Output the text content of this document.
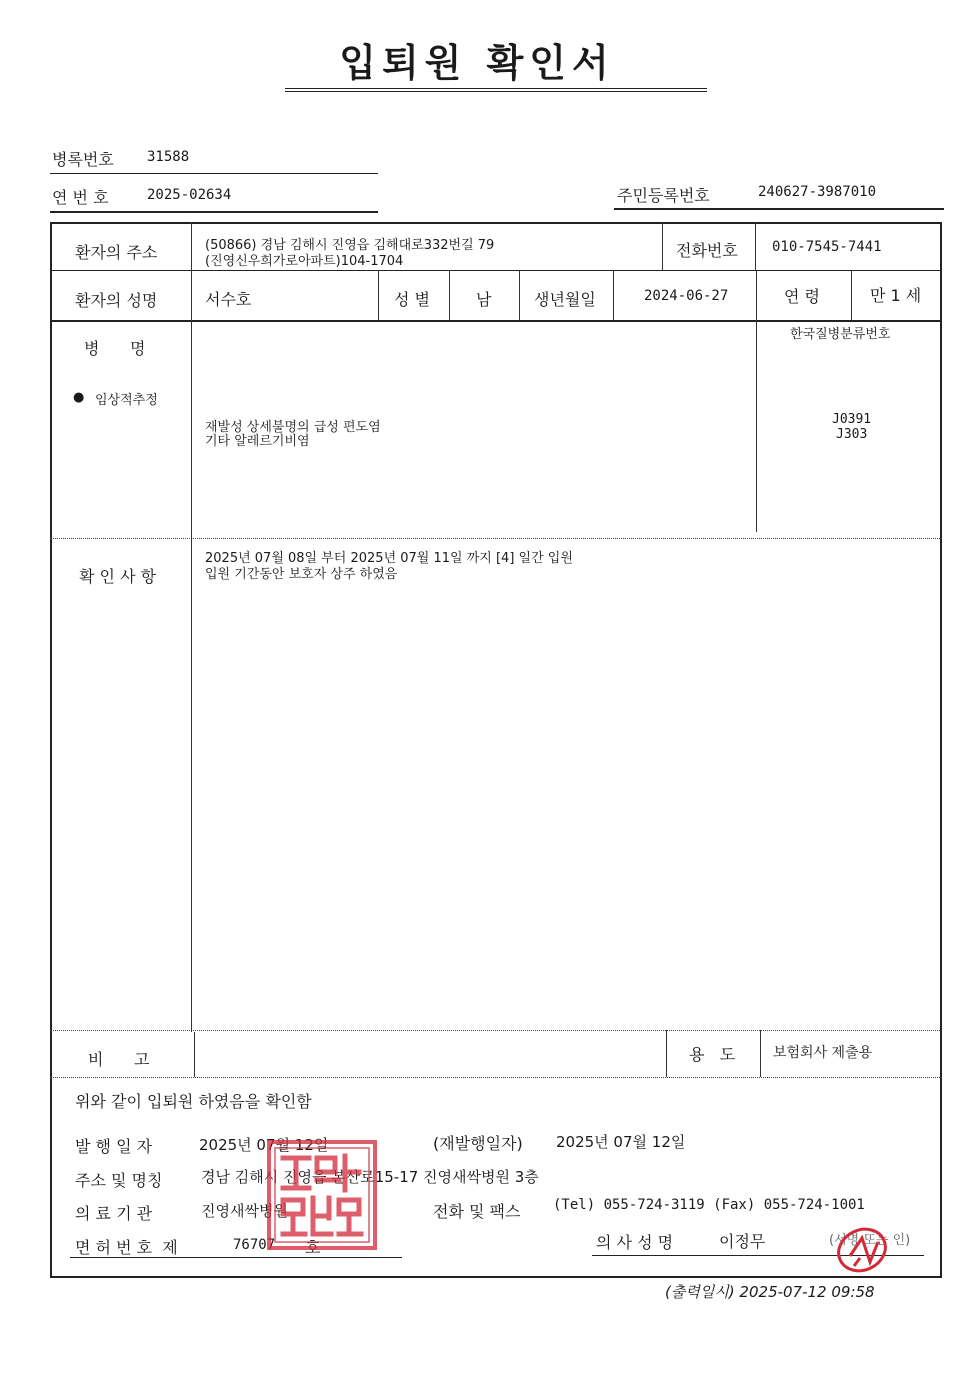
입퇴원 확인서
병록번호 31588
연 번 호	2025-02634	주민등록번호	240627-3987010
환자의 주소	(50866) 경남 김해시 진영읍 김해대로332번길 79
(진영신우희가로아파트)104-1704
전화번호 010-7545-7441
환자의 성명	서수호	성 별	남	생년월일	2024-06-27	연 령	만 1 세
병      명
● 임상적추정
재발성 상세불명의 급성 편도염
기타 알레르기비염
한국질병분류번호
J0391
J303
확 인 사 항
2025년 07월 08일 부터 2025년 07월 11일 까지 [4] 일간 입원
입원 기간동안 보호자 상주 하였음
비      고	용   도	보험회사 제출용
위와 같이 입퇴원 하였음을 확인함
발 행 일 자	2025년 07월 12일	(재발행일자) 2025년 07월 12일
주소 및 명칭	경남 김해시 진영읍 본산로15-17 진영새싹병원 3층
의 료 기 관	진영새싹병원	전화 및 팩스 (Tel) 055-724-3119 (Fax) 055-724-1001
면 허 번 호  제	76707 호	의 사 성 명	이정무	(서명 또는 인)
(출력일시) 2025-07-12 09:58
